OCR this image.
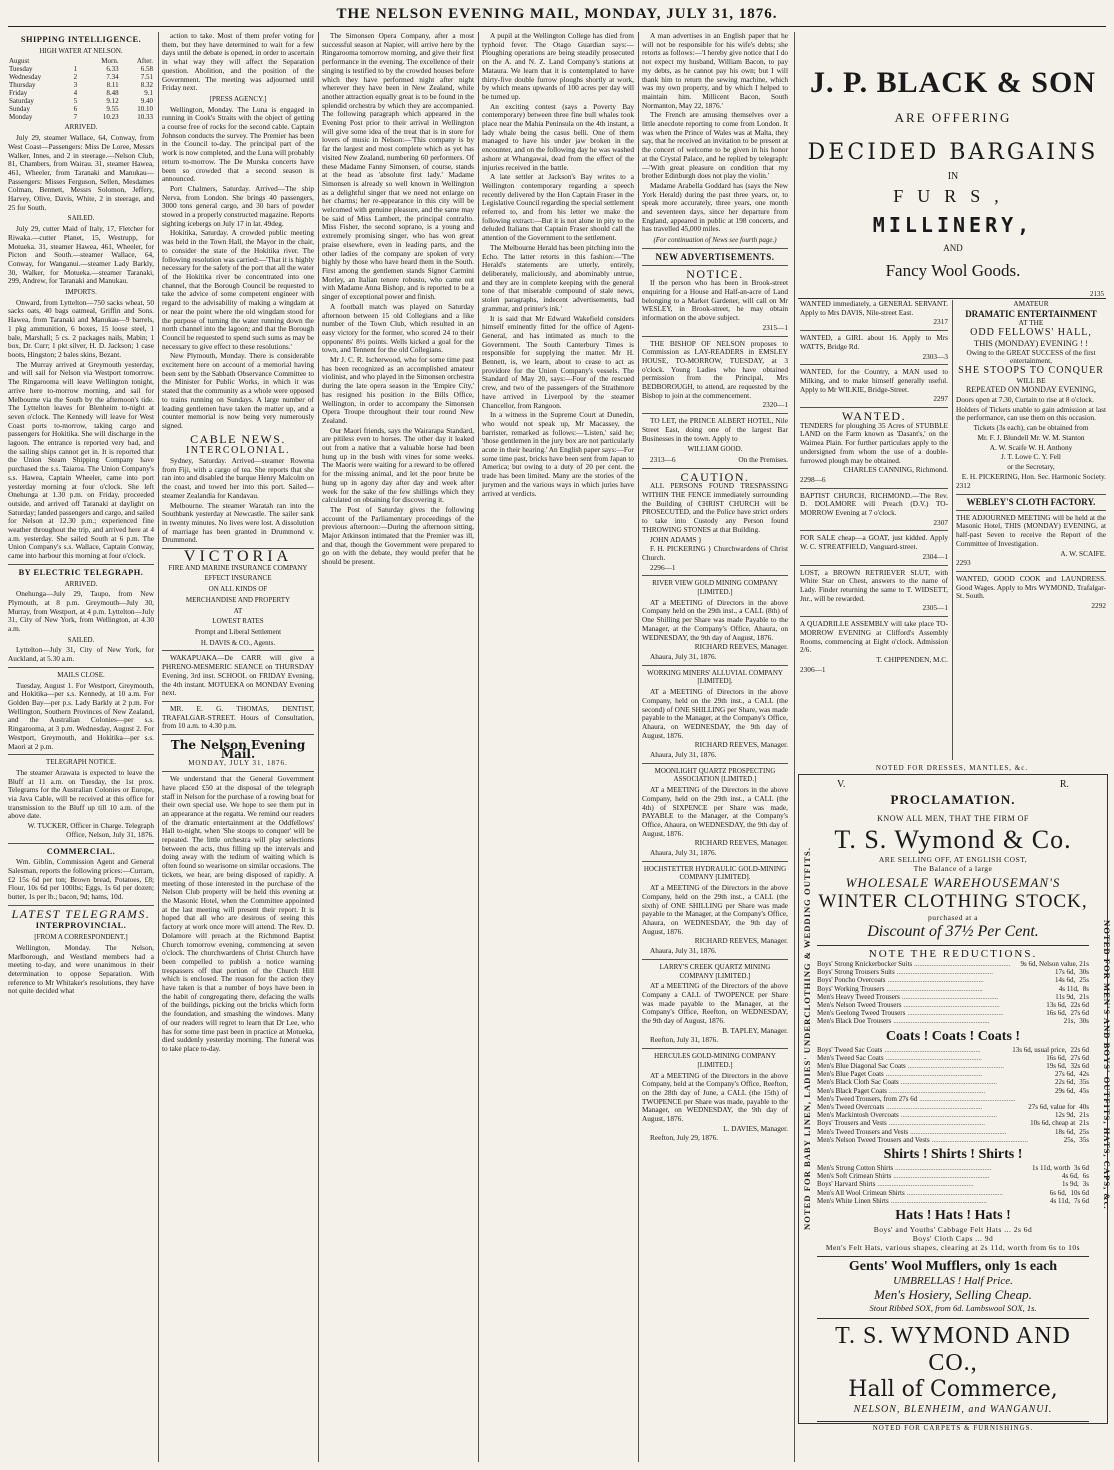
THE NELSON EVENING MAIL, MONDAY, JULY 31, 1876.

SHIPPING INTELLIGENCE.

HIGH WATER AT NELSON.

August		Morn.	After.
Tuesday	1	6.33	6.58
Wednesday	2	7.34	7.51
Thursday	3	8.11	8.32
Friday	4	8.48	9.1
Saturday	5	9.12	9.40
Sunday	6	9.55	10.10
Monday	7	10.23	10.33

ARRIVED.

July 29, steamer Wallace, 64, Conway, from West Coast—Passengers: Miss De Loree, Messrs Walker, Innes, and 2 in steerage.—Nelson Club, 81, Chambers, from Wairau. 31, steamer Hawea, 461, Wheeler, from Taranaki and Manukau—Passengers: Misses Ferguson, Sellen, Mesdames Colman, Bennett, Messrs Solomon, Jeffery, Harvey, Olive, Davis, White, 2 in steerage, and 25 for South.

SAILED.

July 29, cutter Maid of Italy, 17, Fletcher for Riwaka.—cutter Planet, 15, Westrupp, for Motueka. 31, steamer Hawea, 461, Wheeler, for Picton and South.—steamer Wallace, 64, Conway, for Wanganui.—steamer Lady Barkly, 30, Walker, for Motueka.—steamer Taranaki, 299, Andrew, for Taranaki and Manukau.

IMPORTS.

Onward, from Lyttelton—750 sacks wheat, 50 sacks oats, 40 bags oatmeal, Griffin and Sons. Hawea, from Taranaki and Manukau—9 barrels, 1 pkg ammunition, 6 boxes, 15 loose steel, 1 bale, Marshall; 5 cs. 2 packages nails, Mabin; 1 box, Dr. Curr; 1 pkt silver, H. D. Jackson; 1 case boots, Hingston; 2 bales skins, Bezant.

The Murray arrived at Greymouth yesterday, and will sail for Nelson via Westport tomorrow. The Ringarooma will leave Wellington tonight, arrive here to-morrow morning, and sail for Melbourne via the South by the afternoon's tide. The Lyttelton leaves for Blenheim to-night at seven o'clock. The Kennedy will leave for West Coast ports to-morrow, taking cargo and passengers for Hokitika. She will discharge in the lagoon. The entrance is reported very bad, and the sailing ships cannot get in. It is reported that the Union Steam Shipping Company have purchased the s.s. Taiaroa. The Union Company's s.s. Hawea, Captain Wheeler, came into port yesterday morning at four o'clock. She left Onehunga at 1.30 p.m. on Friday, proceeded outside, and arrived off Taranaki at daylight on Saturday; landed passengers and cargo, and sailed for Nelson at 12.30 p.m.; experienced fine weather throughout the trip, and arrived here at 4 a.m. yesterday. She sailed South at 6 p.m. The Union Company's s.s. Wallace, Captain Conway, came into harbour this morning at four o'clock.

BY ELECTRIC TELEGRAPH.

ARRIVED.

Onehunga—July 29, Taupo, from New Plymouth, at 8 p.m. Greymouth—July 30, Murray, from Westport, at 4 p.m. Lyttelton—July 31, City of New York, from Wellington, at 4.30 a.m.

SAILED.

Lyttelton—July 31, City of New York, for Auckland, at 5.30 a.m.

MAILS CLOSE.

Tuesday, August 1. For Westport, Greymouth, and Hokitika—per s.s. Kennedy, at 10 a.m. For Golden Bay—per p.s. Lady Barkly at 2 p.m. For Wellington, Southern Provinces of New Zealand, and the Australian Colonies—per s.s. Ringarooma, at 3 p.m. Wednesday, August 2. For Westport, Greymouth, and Hokitika—per s.s. Maori at 2 p.m.

TELEGRAPH NOTICE.

The steamer Arawata is expected to leave the Bluff at 11 a.m. on Tuesday, the 1st prox. Telegrams for the Australian Colonies or Europe, via Java Cable, will be received at this office for transmission to the Bluff up till 10 a.m. of the above date.

W. TUCKER, Officer in Charge. Telegraph Office, Nelson, July 31, 1876.

COMMERCIAL.

Wm. Giblin, Commission Agent and General Salesman, reports the following prices:—Curram, £2 15s 6d per ton; Brown bread, Potatoes, £8; Flour, 10s 6d per 100lbs; Eggs, 1s 6d per dozen; butter, 1s per lb.; bacon, 9d; hams, 10d.

LATEST TELEGRAMS.

INTERPROVINCIAL.

[FROM A CORRESPONDENT.]

Wellington, Monday. The Nelson, Marlborough, and Westland members had a meeting to-day, and were unanimous in their determination to oppose Separation. With reference to Mr Whitaker's resolutions, they have not quite decided what

action to take. Most of them prefer voting for them, but they have determined to wait for a few days until the debate is opened, in order to ascertain in what way they will affect the Separation question. Abolition, and the position of the Government. The meeting was adjourned until Friday next.

[PRESS AGENCY.]

Wellington, Monday. The Luna is engaged in running in Cook's Straits with the object of getting a course free of rocks for the second cable. Captain Johnson conducts the survey. The Premier has been in the Council to-day. The principal part of the work is now completed, and the Luna will probably return to-morrow. The De Murska concerts have been so crowded that a second season is announced.

Port Chalmers, Saturday. Arrived—The ship Nerva, from London. She brings 40 passengers, 3000 tons general cargo, and 30 bars of powder stowed in a properly constructed magazine. Reports sighting icebergs on July 17 in lat. 49deg.

Hokitika, Saturday. A crowded public meeting was held in the Town Hall, the Mayor in the chair, to consider the state of the Hokitika river. The following resolution was carried:—'That it is highly necessary for the safety of the port that all the water of the Hokitika river be concentrated into one channel, that the Borough Council be requested to take the advice of some competent engineer with regard to the advisability of making a wingdam at or near the point where the old wingdam stood for the purpose of turning the water running down the north channel into the lagoon; and that the Borough Council be requested to spend such sums as may be necessary to give effect to these resolutions.'

New Plymouth, Monday. There is considerable excitement here on account of a memorial having been sent by the Sabbath Observance Committee to the Minister for Public Works, in which it was stated that the community as a whole were opposed to trains running on Sundays. A large number of leading gentlemen have taken the matter up, and a counter memorial is now being very numerously signed.

CABLE NEWS.

INTERCOLONIAL.

Sydney, Saturday. Arrived—steamer Rowena from Fiji, with a cargo of tea. She reports that she ran into and disabled the barque Henry Malcolm on the coast, and towed her into this port. Sailed—steamer Zealandia for Kandavau.

Melbourne. The steamer Waratah ran into the Southbank yesterday at Newcastle. The sailer sank in twenty minutes. No lives were lost. A dissolution of marriage has been granted in Drummond v. Drummond.

VICTORIA

FIRE AND MARINE INSURANCE COMPANY

EFFECT INSURANCE

ON ALL KINDS OF

MERCHANDISE AND PROPERTY

AT

LOWEST RATES

Prompt and Liberal Settlement

H. DAVIS & CO., Agents.

WAKAPUAKA—De CARR will give a PHRENO-MESMERIC SEANCE on THURSDAY Evening, 3rd inst. SCHOOL on FRIDAY Evening, the 4th instant. MOTUEKA on MONDAY Evening next.

MR. E. G. THOMAS, DENTIST, TRAFALGAR-STREET. Hours of Consultation, from 10 a.m. to 4.30 p.m.

The Nelson Evening Mail.

MONDAY, JULY 31, 1876.

We understand that the General Government have placed £50 at the disposal of the telegraph staff in Nelson for the purchase of a rowing boat for their own special use. We hope to see them put in an appearance at the regatta. We remind our readers of the dramatic entertainment at the Oddfellows' Hall to-night, when 'She stoops to conquer' will be repeated. The little orchestra will play selections between the acts, thus filling up the intervals and doing away with the tedium of waiting which is often found so wearisome on similar occasions. The tickets, we hear, are being disposed of rapidly. A meeting of those interested in the purchase of the Nelson Club property will be held this evening at the Masonic Hotel, when the Committee appointed at the last meeting will present their report. It is hoped that all who are desirous of seeing this factory at work once more will attend. The Rev. D. Dolamore will preach at the Richmond Baptist Church tomorrow evening, commencing at seven o'clock. The churchwardens of Christ Church have been compelled to publish a notice warning trespassers off that portion of the Church Hill which is enclosed. The reason for the action they have taken is that a number of boys have been in the habit of congregating there, defacing the walls of the buildings, picking out the bricks which form the foundation, and smashing the windows. Many of our readers will regret to learn that Dr Lee, who has for some time past been in practice at Motueka, died suddenly yesterday morning. The funeral was to take place to-day.

The Simonsen Opera Company, after a most successful season at Napier, will arrive here by the Ringarooma tomorrow morning, and give their first performance in the evening. The excellence of their singing is testified to by the crowded houses before which they have performed night after night wherever they have been in New Zealand, while another attraction equally great is to be found in the splendid orchestra by which they are accompanied. The following paragraph which appeared in the Evening Post prior to their arrival in Wellington will give some idea of the treat that is in store for lovers of music in Nelson:—'This company is by far the largest and most complete which as yet has visited New Zealand, numbering 60 performers. Of these Madame Fanny Simonsen, of course, stands at the head as 'absolute first lady.' Madame Simonsen is already so well known in Wellington as a delightful singer that we need not enlarge on her charms; her re-appearance in this city will be welcomed with genuine pleasure, and the same may be said of Miss Lambert, the principal contralto. Miss Fisher, the second soprano, is a young and extremely promising singer, who has won great praise elsewhere, even in leading parts, and the other ladies of the company are spoken of very highly by those who have heard them in the South. First among the gentlemen stands Signor Carmini Morley, an Italian tenore robusto, who came out with Madame Anna Bishop, and is reported to be a singer of exceptional power and finish.

A football match was played on Saturday afternoon between 15 old Collegians and a like number of the Town Club, which resulted in an easy victory for the former, who scored 24 to their opponents' 8½ points. Wells kicked a goal for the town, and Tennent for the old Collegians.

Mr J. C. R. Ischerwood, who for some time past has been recognized as an accomplished amateur violinist, and who played in the Simonsen orchestra during the late opera season in the 'Empire City,' has resigned his position in the Bills Office, Wellington, in order to accompany the Simonsen Opera Troupe throughout their tour round New Zealand.

Our Maori friends, says the Wairarapa Standard, are pitiless even to horses. The other day it leaked out from a native that a valuable horse had been hung up in the bush with vines for some weeks. The Maoris were waiting for a reward to be offered for the missing animal, and let the poor brute be hung up in agony day after day and week after week for the sake of the few shillings which they calculated on obtaining for discovering it.

The Post of Saturday gives the following account of the Parliamentary proceedings of the previous afternoon:—During the afternoon sitting, Major Atkinson intimated that the Premier was ill, and that, though the Government were prepared to go on with the debate, they would prefer that he should be present.

A pupil at the Wellington College has died from typhoid fever. The Otago Guardian says:—Ploughing operations are being steadily prosecuted on the A. and N. Z. Land Company's stations at Mataura. We learn that it is contemplated to have thirty-five double furrow ploughs shortly at work, by which means upwards of 100 acres per day will be turned up.

An exciting contest (says a Poverty Bay contemporary) between three fine bull whales took place near the Mahia Peninsula on the 4th instant, a lady whale being the casus belli. One of them managed to have his under jaw broken in the encounter, and on the following day he was washed ashore at Whangawai, dead from the effect of the injuries received in the battle.

A late settler at Jackson's Bay writes to a Wellington contemporary regarding a speech recently delivered by the Hon Captain Fraser in the Legislative Council regarding the special settlement referred to, and from his letter we make the following extract:—But it is not alone in pity to the deluded Italians that Captain Fraser should call the attention of the Government to the settlement.

The Melbourne Herald has been pitching into the Echo. The latter retorts in this fashion:—'The Herald's statements are utterly, entirely, deliberately, maliciously, and abominably untrue, and they are in complete keeping with the general tone of that miserable compound of stale news, stolen paragraphs, indecent advertisements, bad grammar, and printer's ink.'

It is said that Mr Edward Wakefield considers himself eminently fitted for the office of Agent-General, and has intimated as much to the Government. The South Canterbury Times is responsible for supplying the matter. Mr H. Bennett, is, we learn, about to cease to act as providore for the Union Company's vessels. The Standard of May 20, says:—Four of the rescued crew, and two of the passengers of the Strathmore have arrived in Liverpool by the steamer Chancellor, from Rangoon.

In a witness in the Supreme Court at Dunedin, who would not speak up, Mr Macassey, the barrister, remarked as follows:—'Listen,' said he; 'those gentlemen in the jury box are not particularly acute in their hearing.' An English paper says:—For some time past, bricks have been sent from Japan to America; but owing to a duty of 20 per cent. the trade has been limited. Many are the stories of the jurymen and the various ways in which juries have arrived at verdicts.

A man advertises in an English paper that he will not be responsible for his wife's debts; she retorts as follows:—'I hereby give notice that I do not expect my husband, William Bacon, to pay my debts, as he cannot pay his own; but I will thank him to return the sewing machine, which was my own property, and by which I helped to maintain him. Millicent Bacon, South Normanton, May 22, 1876.'

The French are amusing themselves over a little anecdote reporting to come from London. It was when the Prince of Wales was at Malta, they say, that he received an invitation to be present at the concert of welcome to be given in his honor at the Crystal Palace, and he replied by telegraph:—'With great pleasure on condition that my brother Edinburgh does not play the violin.'

Madame Arabella Goddard has (says the New York Herald) during the past three years, or, to speak more accurately, three years, one month and seventeen days, since her departure from England, appeared in public at 198 concerts, and has travelled 45,000 miles.

(For continuation of News see fourth page.)

NEW ADVERTISEMENTS.

NOTICE.

If the person who has been in Brook-street enquiring for a House and Half-an-acre of Land belonging to a Market Gardener, will call on Mr WESLEY, in Brook-street, he may obtain information on the above subject.

2315—1

THE BISHOP OF NELSON proposes to Commission as LAY-READERS in EMSLEY HOUSE, TO-MORROW, TUESDAY, at 3 o'clock. Young Ladies who have obtained permission from the Principal, Mrs BEDBOROUGH, to attend, are requested by the Bishop to join at the commencement.

2320—1

TO LET, the PRINCE ALBERT HOTEL, Nile Street East, doing one of the largest Bar Businesses in the town. Apply to

WILLIAM GOOD.

2313—6	On the Premises.

CAUTION.

ALL PERSONS FOUND TRESPASSING WITHIN THE FENCE immediately surrounding the Building of CHRIST CHURCH will be PROSECUTED, and the Police have strict orders to take into Custody any Person found THROWING STONES at that Building.

JOHN ADAMS }

F. H. PICKERING } Churchwardens of Christ Church.

2296—1

RIVER VIEW GOLD MINING COMPANY [LIMITED.]

AT a MEETING of Directors in the above Company held on the 29th inst., a CALL (8th) of One Shilling per Share was made Payable to the Manager, at the Company's Office, Ahaura, on WEDNESDAY, the 9th day of August, 1876.

RICHARD REEVES, Manager.

Ahaura, July 31, 1876.

WORKING MINERS' ALLUVIAL COMPANY [LIMITED].

AT a MEETING of Directors in the above Company, held on the 29th inst., a CALL (the second) of ONE SHILLING per Share, was made payable to the Manager, at the Company's Office, Ahaura, on WEDNESDAY, the 9th day of August, 1876.

RICHARD REEVES, Manager.

Ahaura, July 31, 1876.

MOONLIGHT QUARTZ PROSPECTING ASSOCIATION [LIMITED.]

AT a MEETING of the Directors in the above Company, held on the 29th inst., a CALL (the 4th) of SIXPENCE per Share was made, PAYABLE to the Manager, at the Company's Office, Ahaura, on WEDNESDAY, the 9th day of August, 1876.

RICHARD REEVES, Manager.

Ahaura, July 31, 1876.

HOCHSTETTER HYDRAULIC GOLD-MINING COMPANY [LIMITED].

AT a MEETING of the Directors in the above Company, held on the 29th inst., a CALL (the sixth) of ONE SHILLING per Share was made payable to the Manager, at the Company's Office, Ahaura, on WEDNESDAY, the 9th day of August, 1876.

RICHARD REEVES, Manager.

Ahaura, July 31, 1876.

LARRY'S CREEK QUARTZ MINING COMPANY [LIMITED.]

AT a MEETING of the Directors of the above Company a CALL of TWOPENCE per Share was made payable to the Manager, at the Company's Office, Reefton, on WEDNESDAY, the 9th day of August, 1876.

B. TAPLEY, Manager.

Reefton, July 31, 1876.

HERCULES GOLD-MINING COMPANY [LIMITED.]

AT a MEETING of the Directors in the above Company, held at the Company's Office, Reefton, on the 28th day of June, a CALL (the 15th) of TWOPENCE per Share was made, payable to the Manager, on WEDNESDAY, the 9th day of August, 1876.

L. DAVIES, Manager.

Reefton, July 29, 1876.

J. P. BLACK & SON
ARE OFFERING
DECIDED BARGAINS
IN
FURS,
MILLINERY,
AND
Fancy Wool Goods.
2135

WANTED immediately, a GENERAL SERVANT. Apply to Mrs DAVIS, Nile-street East.

2317

WANTED, a GIRL about 16. Apply to Mrs WATTS, Bridge Rd.

2303—3

WANTED, for the Country, a MAN used to Milking, and to make himself generally useful. Apply to Mr WILKIE, Bridge-Street.

2297

WANTED.

TENDERS for ploughing 35 Acres of STUBBLE LAND on the Farm known as 'Dasant's,' on the Waimea Plain. For further particulars apply to the undersigned from whom the use of a double-furrowed plough may be obtained.

CHARLES CANNING, Richmond.

2298—6

BAPTIST CHURCH, RICHMOND.—The Rev. D. DOLAMORE will Preach (D.V.) TO-MORROW Evening at 7 o'clock.

2307

FOR SALE cheap—a GOAT, just kidded. Apply W. C. STREATFIELD, Vanguard-street.

2304—1

LOST, a BROWN RETRIEVER SLUT, with White Star on Chest, answers to the name of Lady. Finder returning the same to T. WIDSETT, Jnr., will be rewarded.

2305—1

A QUADRILLE ASSEMBLY will take place TO-MORROW EVENING at Clifford's Assembly Rooms, commencing at Eight o'clock. Admission 2/6.

T. CHIPPENDEN, M.C.

2306—1

AMATEUR

DRAMATIC ENTERTAINMENT

AT THE

ODD FELLOWS' HALL,

THIS (MONDAY) EVENING ! !

Owing to the GREAT SUCCESS of the first entertainment,

SHE STOOPS TO CONQUER

WILL BE

REPEATED ON MONDAY EVENING,

Doors open at 7.30, Curtain to rise at 8 o'clock.

Holders of Tickets unable to gain admission at last the performance, can use them on this occasion.

Tickets (3s each), can be obtained from

Mr. F. J. Blundell Mr. W. M. Stanton

A. W. Scaife W. H. Anthony

J. T. Lowe C. Y. Fell

or the Secretary,

E. H. PICKERING, Hon. Sec. Harmonic Society.

2312

WEBLEY'S CLOTH FACTORY.

THE ADJOURNED MEETING will be held at the Masonic Hotel, THIS (MONDAY) EVENING, at half-past Seven to receive the Report of the Committee of Investigation.

A. W. SCAIFE.

2293

WANTED, GOOD COOK and LAUNDRESS. Good Wages. Apply to Mrs WYMOND, Trafalgar-St. South.

2292

NOTED FOR DRESSES, MANTLES, &c.
NOTED FOR BABY LINEN, LADIES' UNDERCLOTHING & WEDDING OUTFITS.	NOTED FOR MEN'S AND BOYS' OUTFITS, HATS, CAPS, &c.
V.	R.
PROCLAMATION.
KNOW ALL MEN, THAT THE FIRM OF
T. S. Wymond & Co.
ARE SELLING OFF, AT ENGLISH COST,
The Balance of a large
WHOLESALE WAREHOUSEMAN'S
WINTER CLOTHING STOCK,
purchased at a
Discount of 37½ Per Cent.
NOTE THE REDUCTIONS.
Boys' Strong Knickerbocker Suits .......................................................	9s 6d, Nelson value, 21s
Boys' Strong Trousers Suits .......................................................	17s 6d, 30s
Boys' Poncho Overcoats .......................................................	14s 6d, 25s
Boys' Working Trousers .......................................................	4s 11d, 8s
Men's Heavy Tweed Trousers .......................................................	11s 9d, 21s
Men's Nelson Tweed Trousers .......................................................	13s 6d, 22s 6d
Men's Geelong Tweed Trousers .......................................................	16s 6d, 27s 6d
Men's Black Doe Trousers .......................................................	21s, 30s
Coats ! Coats ! Coats !
Boys' Tweed Sac Coats .......................................................	13s 6d, usual price, 22s 6d
Men's Tweed Sac Coats .......................................................	16s 6d, 27s 6d
Men's Blue Diagonal Sac Coats .......................................................	19s 6d, 32s 6d
Men's Blue Paget Coats .......................................................	27s 6d, 42s
Men's Black Cloth Sac Coats .......................................................	22s 6d, 35s
Men's Black Paget Coats .......................................................	29s 6d, 45s
Men's Tweed Trousers, from 27s 6d .......................................................
Men's Tweed Overcoats .......................................................	27s 6d, value for 40s
Men's Mackintosh Overcoats .......................................................	12s 9d, 21s
Boys' Trousers and Vests .......................................................	10s 6d, cheap at 21s
Men's Tweed Trousers and Vests .......................................................	18s 6d, 25s
Men's Nelson Tweed Trousers and Vests .......................................................	25s, 35s
Shirts ! Shirts ! Shirts !
Men's Strong Cotton Shirts .......................................................	1s 11d, worth 3s 6d
Men's Soft Crimean Shirts .......................................................	4s 6d, 6s
Boys' Harvard Shirts .......................................................	1s 9d, 3s
Men's All Wool Crimean Shirts .......................................................	6s 6d, 10s 6d
Men's White Linen Shirts .......................................................	4s 11d, 7s 6d
Hats ! Hats ! Hats !
Boys' and Youths' Cabbage Felt Hats ... 2s 6d
Boys' Cloth Caps ... 9d
Men's Felt Hats, various shapes, clearing at 2s 11d, worth from 6s to 10s
Gents' Wool Mufflers, only 1s each
UMBRELLAS ! Half Price.
Men's Hosiery, Selling Cheap.
Stout Ribbed SOX, from 6d. Lambswool SOX, 1s.
T. S. WYMOND AND CO.,
Hall of Commerce,
NELSON, BLENHEIM, and WANGANUI.
NOTED FOR CARPETS & FURNISHINGS.
